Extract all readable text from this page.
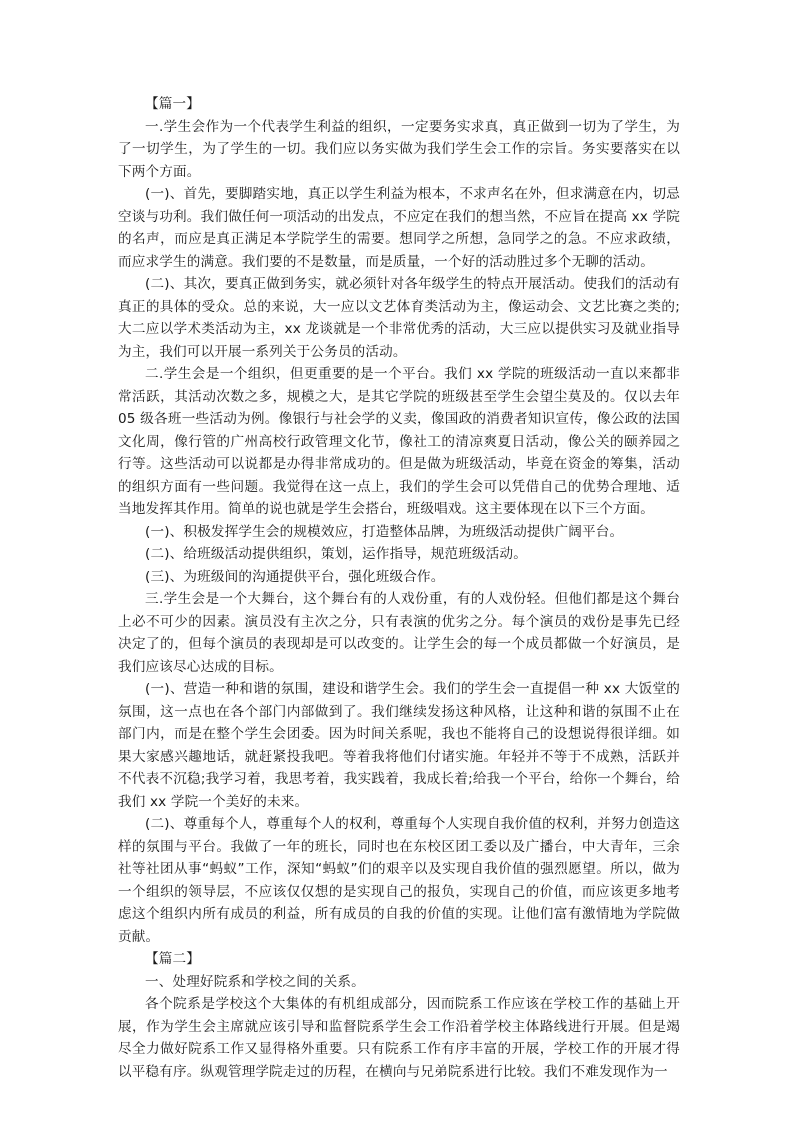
【篇一】

一.学生会作为一个代表学生利益的组织，一定要务实求真，真正做到一切为了学生，为了一切学生，为了学生的一切。我们应以务实做为我们学生会工作的宗旨。务实要落实在以下两个方面。

(一)、首先，要脚踏实地，真正以学生利益为根本，不求声名在外，但求满意在内，切忌空谈与功利。我们做任何一项活动的出发点，不应定在我们的想当然，不应旨在提高 xx 学院的名声，而应是真正满足本学院学生的需要。想同学之所想，急同学之的急。不应求政绩，而应求学生的满意。我们要的不是数量，而是质量，一个好的活动胜过多个无聊的活动。

(二)、其次，要真正做到务实，就必须针对各年级学生的特点开展活动。使我们的活动有真正的具体的受众。总的来说，大一应以文艺体育类活动为主，像运动会、文艺比赛之类的;大二应以学术类活动为主，xx 龙谈就是一个非常优秀的活动，大三应以提供实习及就业指导为主，我们可以开展一系列关于公务员的活动。

二.学生会是一个组织，但更重要的是一个平台。我们 xx 学院的班级活动一直以来都非常活跃，其活动次数之多，规模之大，是其它学院的班级甚至学生会望尘莫及的。仅以去年 05 级各班一些活动为例。像银行与社会学的义卖，像国政的消费者知识宣传，像公政的法国文化周，像行管的广州高校行政管理文化节，像社工的清凉爽夏日活动，像公关的颐养园之行等。这些活动可以说都是办得非常成功的。但是做为班级活动，毕竟在资金的筹集，活动的组织方面有一些问题。我觉得在这一点上，我们的学生会可以凭借自己的优势合理地、适当地发挥其作用。简单的说也就是学生会搭台，班级唱戏。这主要体现在以下三个方面。

(一)、积极发挥学生会的规模效应，打造整体品牌，为班级活动提供广阔平台。

(二)、给班级活动提供组织，策划，运作指导，规范班级活动。

(三)、为班级间的沟通提供平台，强化班级合作。

三.学生会是一个大舞台，这个舞台有的人戏份重，有的人戏份轻。但他们都是这个舞台上必不可少的因素。演员没有主次之分，只有表演的优劣之分。每个演员的戏份是事先已经决定了的，但每个演员的表现却是可以改变的。让学生会的每一个成员都做一个好演员，是我们应该尽心达成的目标。

(一)、营造一种和谐的氛围，建设和谐学生会。我们的学生会一直提倡一种 xx 大饭堂的氛围，这一点也在各个部门内部做到了。我们继续发扬这种风格，让这种和谐的氛围不止在部门内，而是在整个学生会团委。因为时间关系呢，我也不能将自己的设想说得很详细。如果大家感兴趣地话，就赶紧投我吧。等着我将他们付诸实施。年轻并不等于不成熟，活跃并不代表不沉稳;我学习着，我思考着，我实践着，我成长着;给我一个平台，给你一个舞台，给我们 xx 学院一个美好的未来。

(二)、尊重每个人，尊重每个人的权利，尊重每个人实现自我价值的权利，并努力创造这样的氛围与平台。我做了一年的班长，同时也在东校区团工委以及广播台，中大青年，三余社等社团从事“蚂蚁”工作，深知“蚂蚁”们的艰辛以及实现自我价值的强烈愿望。所以，做为一个组织的领导层，不应该仅仅想的是实现自己的报负，实现自己的价值，而应该更多地考虑这个组织内所有成员的利益，所有成员的自我的价值的实现。让他们富有激情地为学院做贡献。

【篇二】

一、处理好院系和学校之间的关系。

各个院系是学校这个大集体的有机组成部分，因而院系工作应该在学校工作的基础上开展，作为学生会主席就应该引导和监督院系学生会工作沿着学校主体路线进行开展。但是竭尽全力做好院系工作又显得格外重要。只有院系工作有序丰富的开展，学校工作的开展才得以平稳有序。纵观管理学院走过的历程，在横向与兄弟院系进行比较。我们不难发现作为一
